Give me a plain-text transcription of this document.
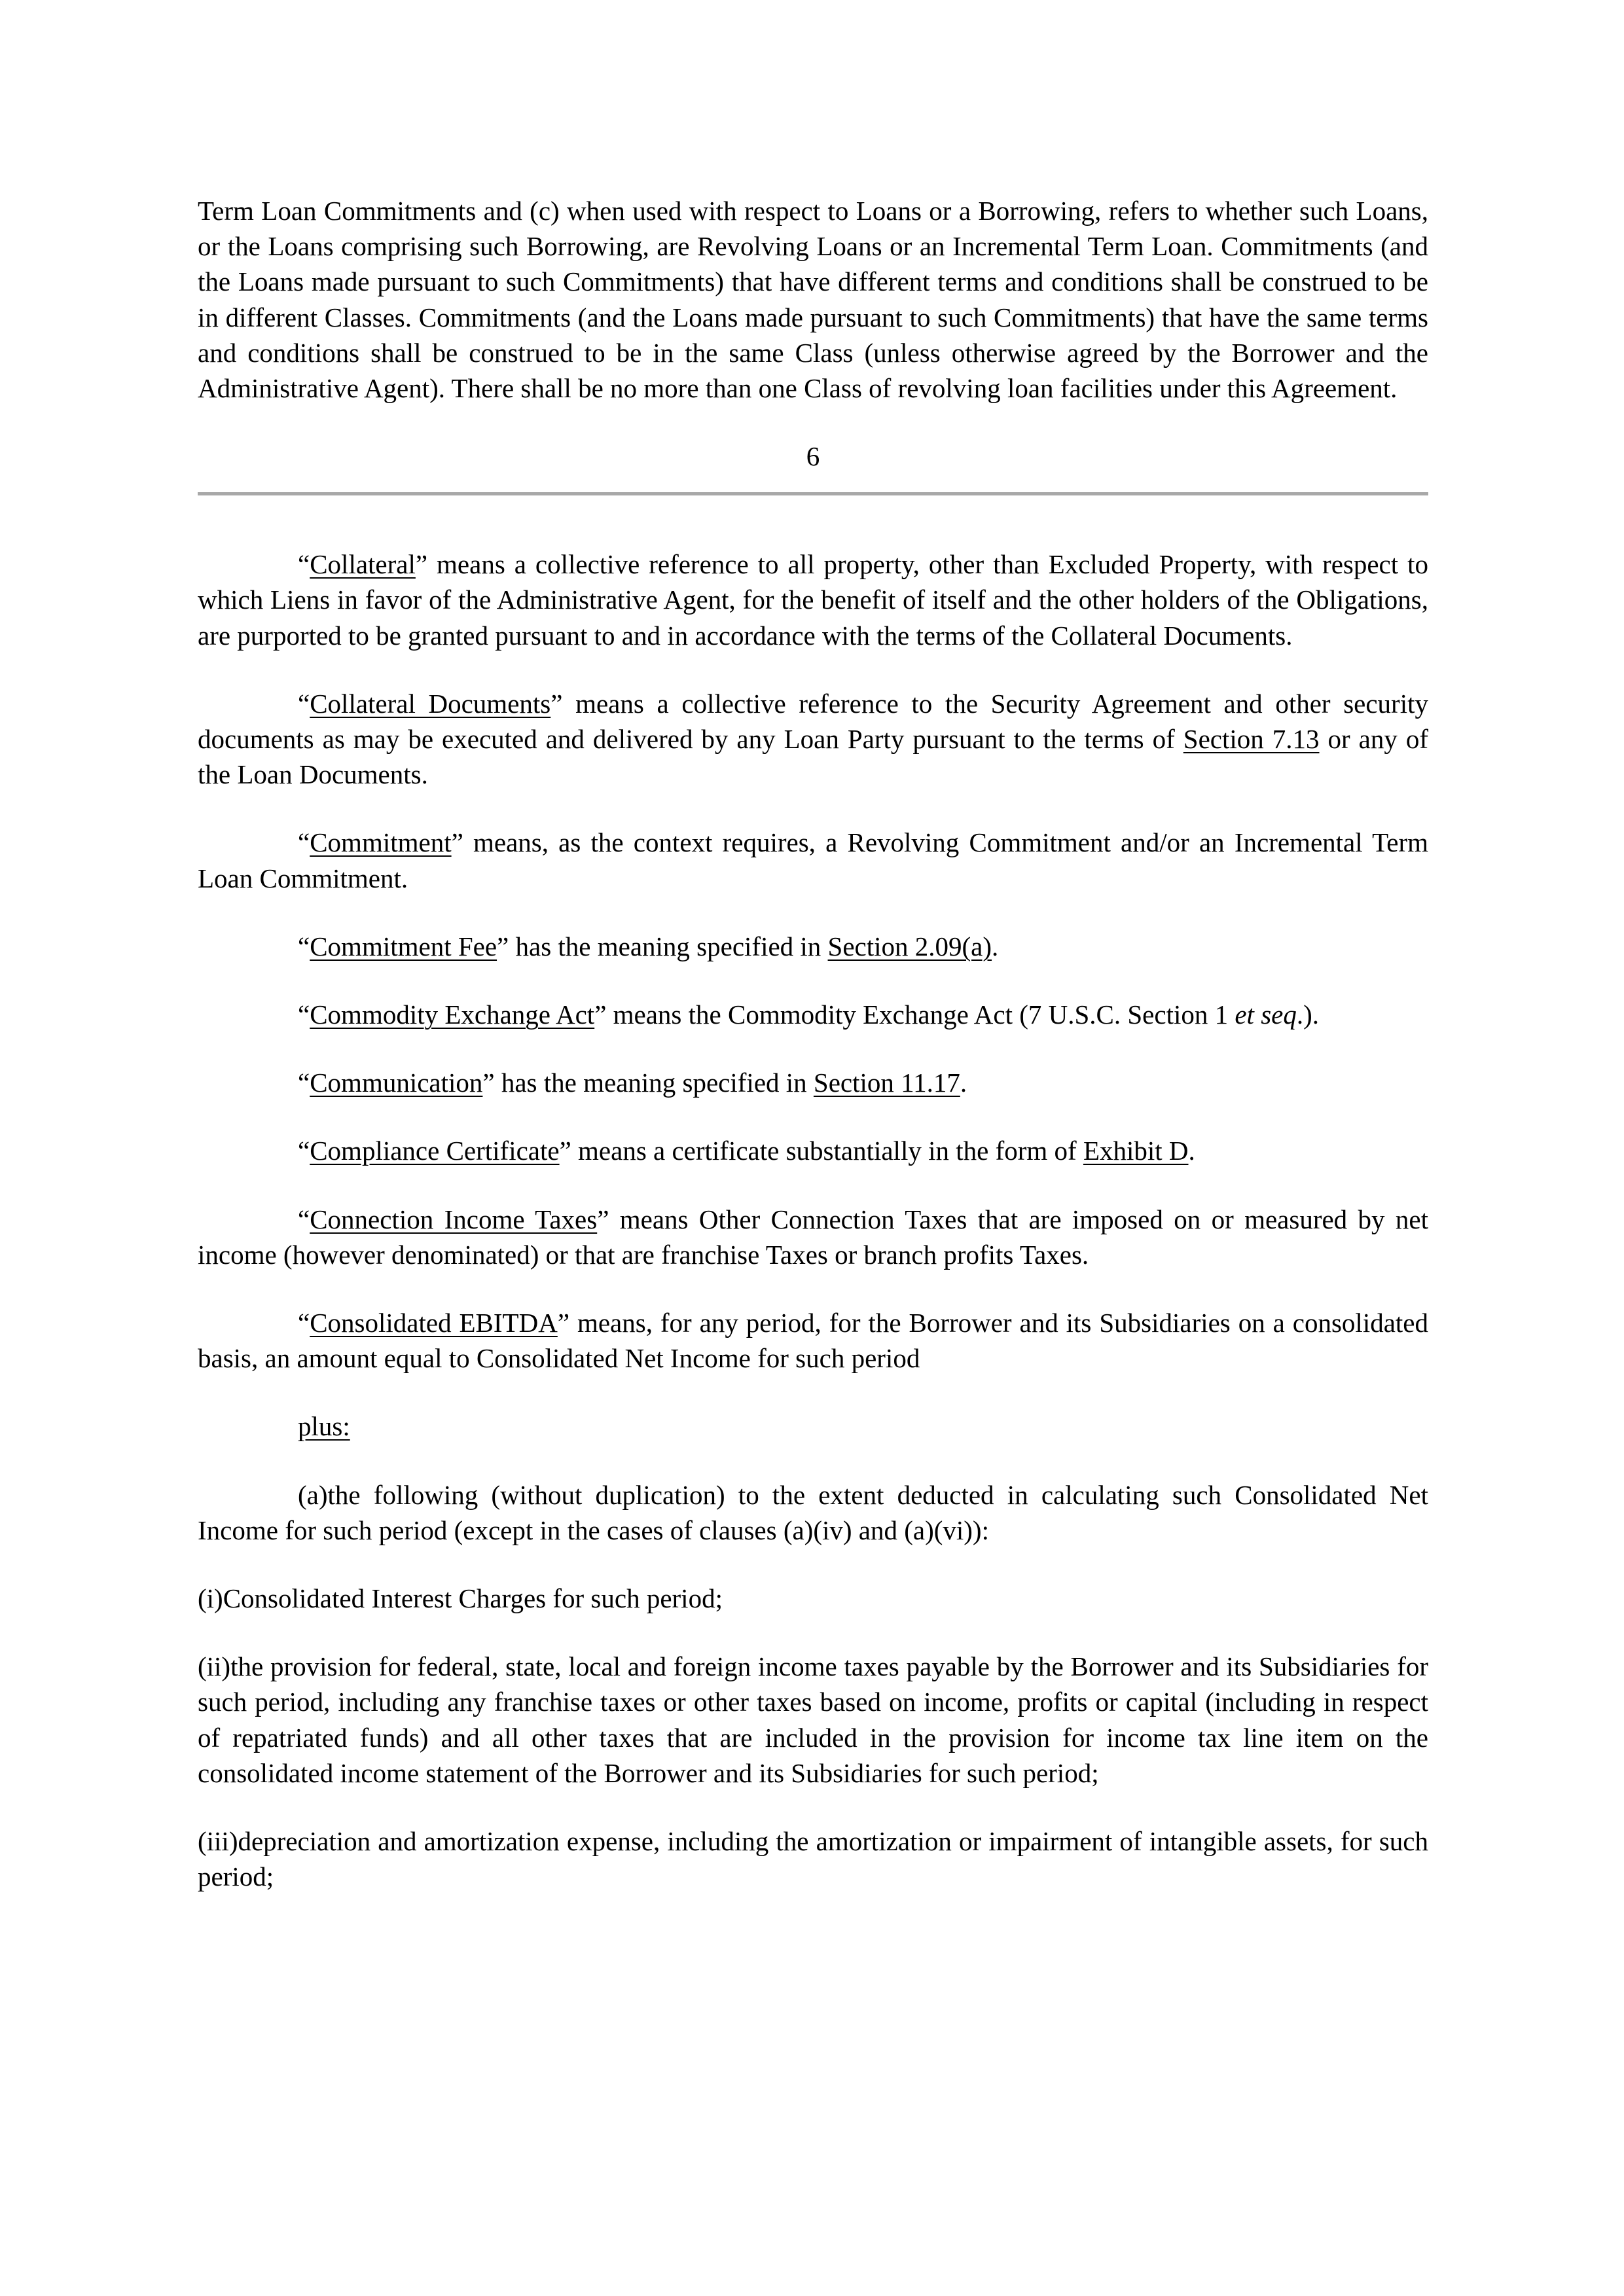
Term Loan Commitments and (c) when used with respect to Loans or a Borrowing, refers to whether such Loans, or the Loans comprising such Borrowing, are Revolving Loans or an Incremental Term Loan. Commitments (and the Loans made pursuant to such Commitments) that have different terms and conditions shall be construed to be in different Classes. Commitments (and the Loans made pursuant to such Commitments) that have the same terms and conditions shall be construed to be in the same Class (unless otherwise agreed by the Borrower and the Administrative Agent). There shall be no more than one Class of revolving loan facilities under this Agreement.

6

“Collateral” means a collective reference to all property, other than Excluded Property, with respect to which Liens in favor of the Administrative Agent, for the benefit of itself and the other holders of the Obligations, are purported to be granted pursuant to and in accordance with the terms of the Collateral Documents.

“Collateral Documents” means a collective reference to the Security Agreement and other security documents as may be executed and delivered by any Loan Party pursuant to the terms of Section 7.13 or any of the Loan Documents.

“Commitment” means, as the context requires, a Revolving Commitment and/or an Incremental Term Loan Commitment.

“Commitment Fee” has the meaning specified in Section 2.09(a).

“Commodity Exchange Act” means the Commodity Exchange Act (7 U.S.C. Section 1 et seq.).

“Communication” has the meaning specified in Section 11.17.

“Compliance Certificate” means a certificate substantially in the form of Exhibit D.

“Connection Income Taxes” means Other Connection Taxes that are imposed on or measured by net income (however denominated) or that are franchise Taxes or branch profits Taxes.

“Consolidated EBITDA” means, for any period, for the Borrower and its Subsidiaries on a consolidated basis, an amount equal to Consolidated Net Income for such period

plus:

(a)the following (without duplication) to the extent deducted in calculating such Consolidated Net Income for such period (except in the cases of clauses (a)(iv) and (a)(vi)):

(i)Consolidated Interest Charges for such period;

(ii)the provision for federal, state, local and foreign income taxes payable by the Borrower and its Subsidiaries for such period, including any franchise taxes or other taxes based on income, profits or capital (including in respect of repatriated funds) and all other taxes that are included in the provision for income tax line item on the consolidated income statement of the Borrower and its Subsidiaries for such period;

(iii)depreciation and amortization expense, including the amortization or impairment of intangible assets, for such period;
